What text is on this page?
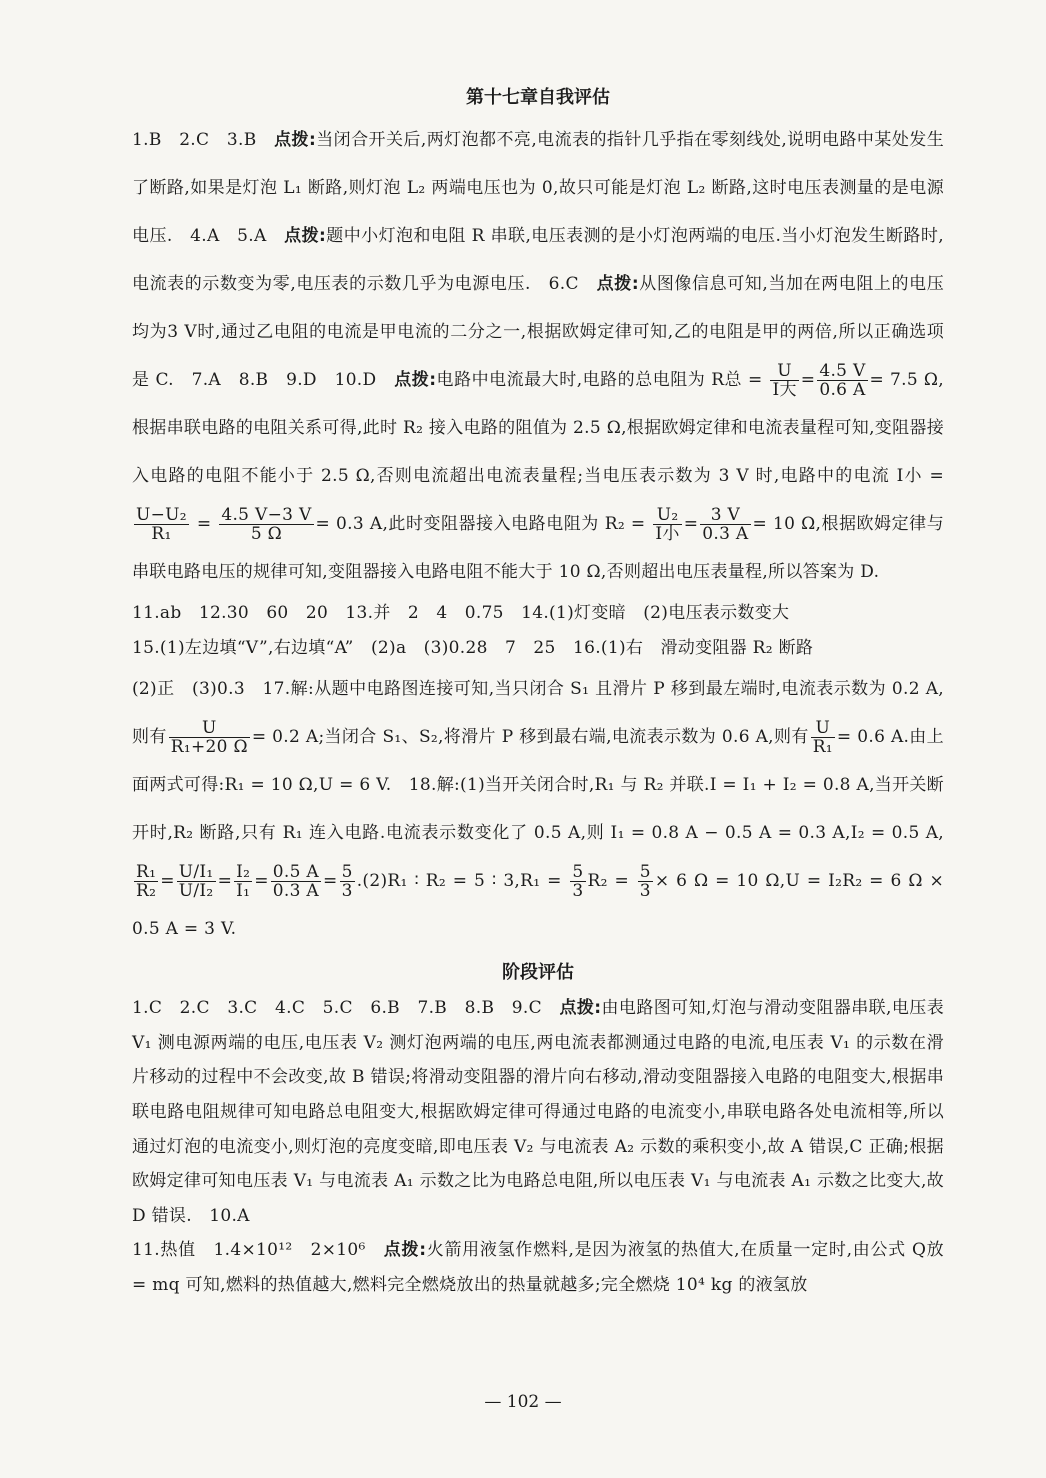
第十七章自我评估

1.B　2.C　3.B　点拨:当闭合开关后,两灯泡都不亮,电流表的指针几乎指在零刻线处,说明电路中某处发生了断路,如果是灯泡 L₁ 断路,则灯泡 L₂ 两端电压也为 0,故只可能是灯泡 L₂ 断路,这时电压表测量的是电源电压.　4.A　5.A　点拨:题中小灯泡和电阻 R 串联,电压表测的是小灯泡两端的电压.当小灯泡发生断路时,电流表的示数变为零,电压表的示数几乎为电源电压.　6.C　点拨:从图像信息可知,当加在两电阻上的电压均为3 V时,通过乙电阻的电流是甲电流的二分之一,根据欧姆定律可知,乙的电阻是甲的两倍,所以正确选项是 C.　7.A　8.B　9.D　10.D　点拨:电路中电流最大时,电路的总电阻为 R总 = $\frac{U}{\text{I大}} = \frac{4.5 V}{0.6 A} = 7.5$ Ω,根据串联电路的电阻关系可得,此时 R₂ 接入电路的阻值为 2.5 Ω,根据欧姆定律和电流表量程可知,变阻器接入电路的电阻不能小于 2.5 Ω,否则电流超出电流表量程;当电压表示数为 3 V 时,电路中的电流 I小 =
$\frac{\text{U−U₂}}{\text{R₁}} = \frac{4.5 V-3 V}{5 \Omega} = 0.3$ A,此时变阻器接入电路电阻为 $R_2 = \frac{\text{U₂}}{\text{I小}} = \frac{3 V}{0.3 A} = 10$ Ω,根据欧姆定律与串联电路电压的规律可知,变阻器接入电路电阻不能大于 10 Ω,否则超出电压表量程,所以答案为 D.

11.ab　12.30　60　20　13.并　2　4　0.75　14.(1)灯变暗　(2)电压表示数变大

15.(1)左边填“V”,右边填“A”　(2)a　(3)0.28　7　25　16.(1)右　滑动变阻器 R₂ 断路

(2)正　(3)0.3　17.解:从题中电路图连接可知,当只闭合 S₁ 且滑片 P 移到最左端时,电流表示数为 0.2 A,则有 $\frac{U}{\text{R₁+20 Ω}} = 0.2$ A;当闭合 S₁、S₂,将滑片 P 移到最右端,电流表示数为 0.6 A,则有 $\frac{U}{\text{R₁}} = 0.6$ A.由上面两式可得:R₁ = 10 Ω,U = 6 V.　18.解:(1)当开关闭合时,R₁ 与 R₂ 并联.I = I₁ + I₂ = 0.8 A,当开关断开时,R₂ 断路,只有 R₁ 连入电路.电流表示数变化了 0.5 A,则 I₁ = 0.8 A − 0.5 A = 0.3 A,I₂ = 0.5 A,
$\frac{\text{R₁}}{\text{R₂}} = \frac{\text{U/I₁}}{\text{U/I₂}} = \frac{\text{I₂}}{\text{I₁}} = \frac{0.5 A}{0.3 A} = \frac{5}{3} .(2)R_1$ ∶ R₂ = 5 ∶ $3,R_1 = \frac{5}{3} R_2 = \frac{5}{3} \times 6$ Ω = 10 Ω,U = I₂R₂ = 6 Ω × 0.5 A = 3 V.

阶段评估

1.C　2.C　3.C　4.C　5.C　6.B　7.B　8.B　9.C　点拨:由电路图可知,灯泡与滑动变阻器串联,电压表 V₁ 测电源两端的电压,电压表 V₂ 测灯泡两端的电压,两电流表都测通过电路的电流,电压表 V₁ 的示数在滑片移动的过程中不会改变,故 B 错误;将滑动变阻器的滑片向右移动,滑动变阻器接入电路的电阻变大,根据串联电路电阻规律可知电路总电阻变大,根据欧姆定律可得通过电路的电流变小,串联电路各处电流相等,所以通过灯泡的电流变小,则灯泡的亮度变暗,即电压表 V₂ 与电流表 A₂ 示数的乘积变小,故 A 错误,C 正确;根据欧姆定律可知电压表 V₁ 与电流表 A₁ 示数之比为电路总电阻,所以电压表 V₁ 与电流表 A₁ 示数之比变大,故 D 错误.　10.A

11.热值　1.4×10¹²　2×10⁶　点拨:火箭用液氢作燃料,是因为液氢的热值大,在质量一定时,由公式 Q放 = mq 可知,燃料的热值越大,燃料完全燃烧放出的热量就越多;完全燃烧 10⁴ kg 的液氢放

— 102 —
